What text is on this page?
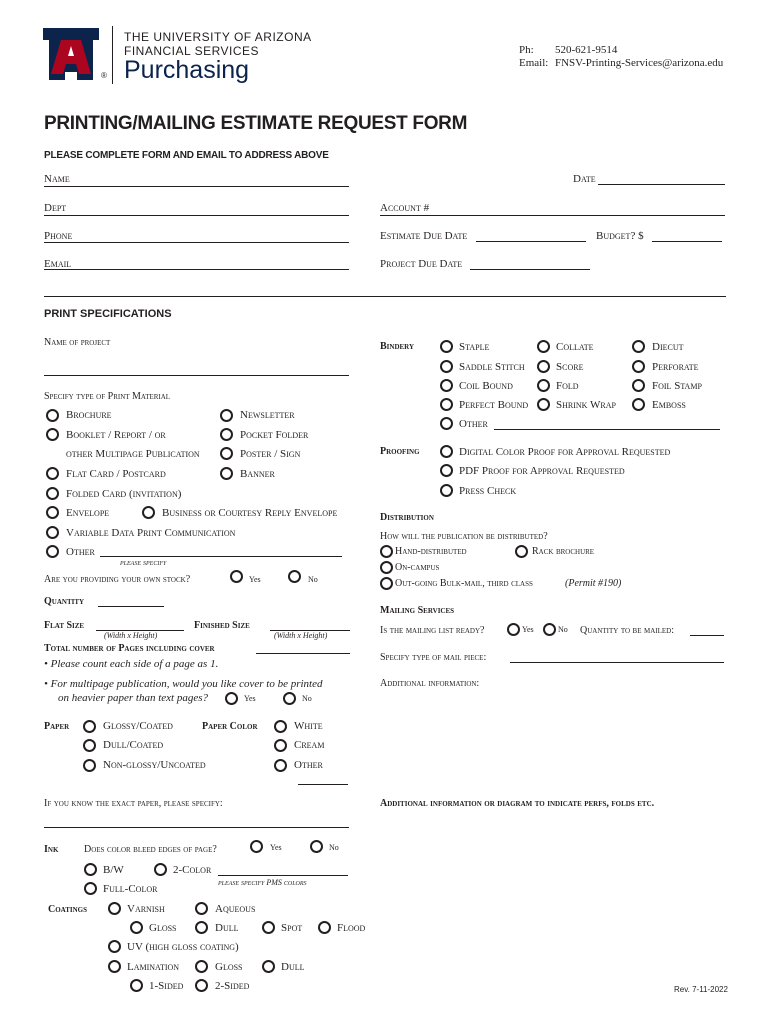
®
THE UNIVERSITY OF ARIZONA
FINANCIAL SERVICES
Purchasing
Ph: 520-621-9514
Email: FNSV-Printing-Services@arizona.edu
PRINTING/MAILING ESTIMATE REQUEST FORM
PLEASE COMPLETE FORM AND EMAIL TO ADDRESS ABOVE
Name	Date
Dept	Account #
Phone	Estimate Due Date	Budget? $
Email	Project Due Date
PRINT SPECIFICATIONS
Name of project
Specify type of Print Material
Brochure	Newsletter
Booklet / Report / or	Pocket Folder
other Multipage Publication	Poster / Sign
Flat Card / Postcard	Banner
Folded Card (invitation)
Envelope	Business or Courtesy Reply Envelope
Variable Data Print Communication
Other
please specify
Are you providing your own stock?	Yes	No
Quantity
Flat Size
(Width x Height)
Finished Size
(Width x Height)
Total number of Pages including cover
• Please count each side of a page as 1.
• For multipage publication, would you like cover to be printed
on heavier paper than text pages?	Yes	No
Paper	Glossy/Coated
Dull/Coated
Non-glossy/Uncoated
Paper Color	White
Cream
Other
If you know the exact paper, please specify:
Ink	Does color bleed edges of page?	Yes	No
B/W	2-Color
please specify PMS colors
Full-Color
Coatings	Varnish	Aqueous
Gloss	Dull	Spot	Flood
UV (high gloss coating)
Lamination	Gloss	Dull
1-Sided	2-Sided
Bindery	Staple	Collate	Diecut
Saddle Stitch	Score	Perforate
Coil Bound	Fold	Foil Stamp
Perfect Bound	Shrink Wrap	Emboss
Other
Proofing	Digital Color Proof for Approval Requested
PDF Proof for Approval Requested
Press Check
Distribution
How will the publication be distributed?
Hand-distributed	Rack brochure
On-campus
Out-going Bulk-mail, third class	(Permit #190)
Mailing Services
Is the mailing list ready?	Yes	No Quantity to be mailed:
Specify type of mail piece:
Additional information:
Additional information or diagram to indicate perfs, folds etc.
Rev. 7-11-2022
